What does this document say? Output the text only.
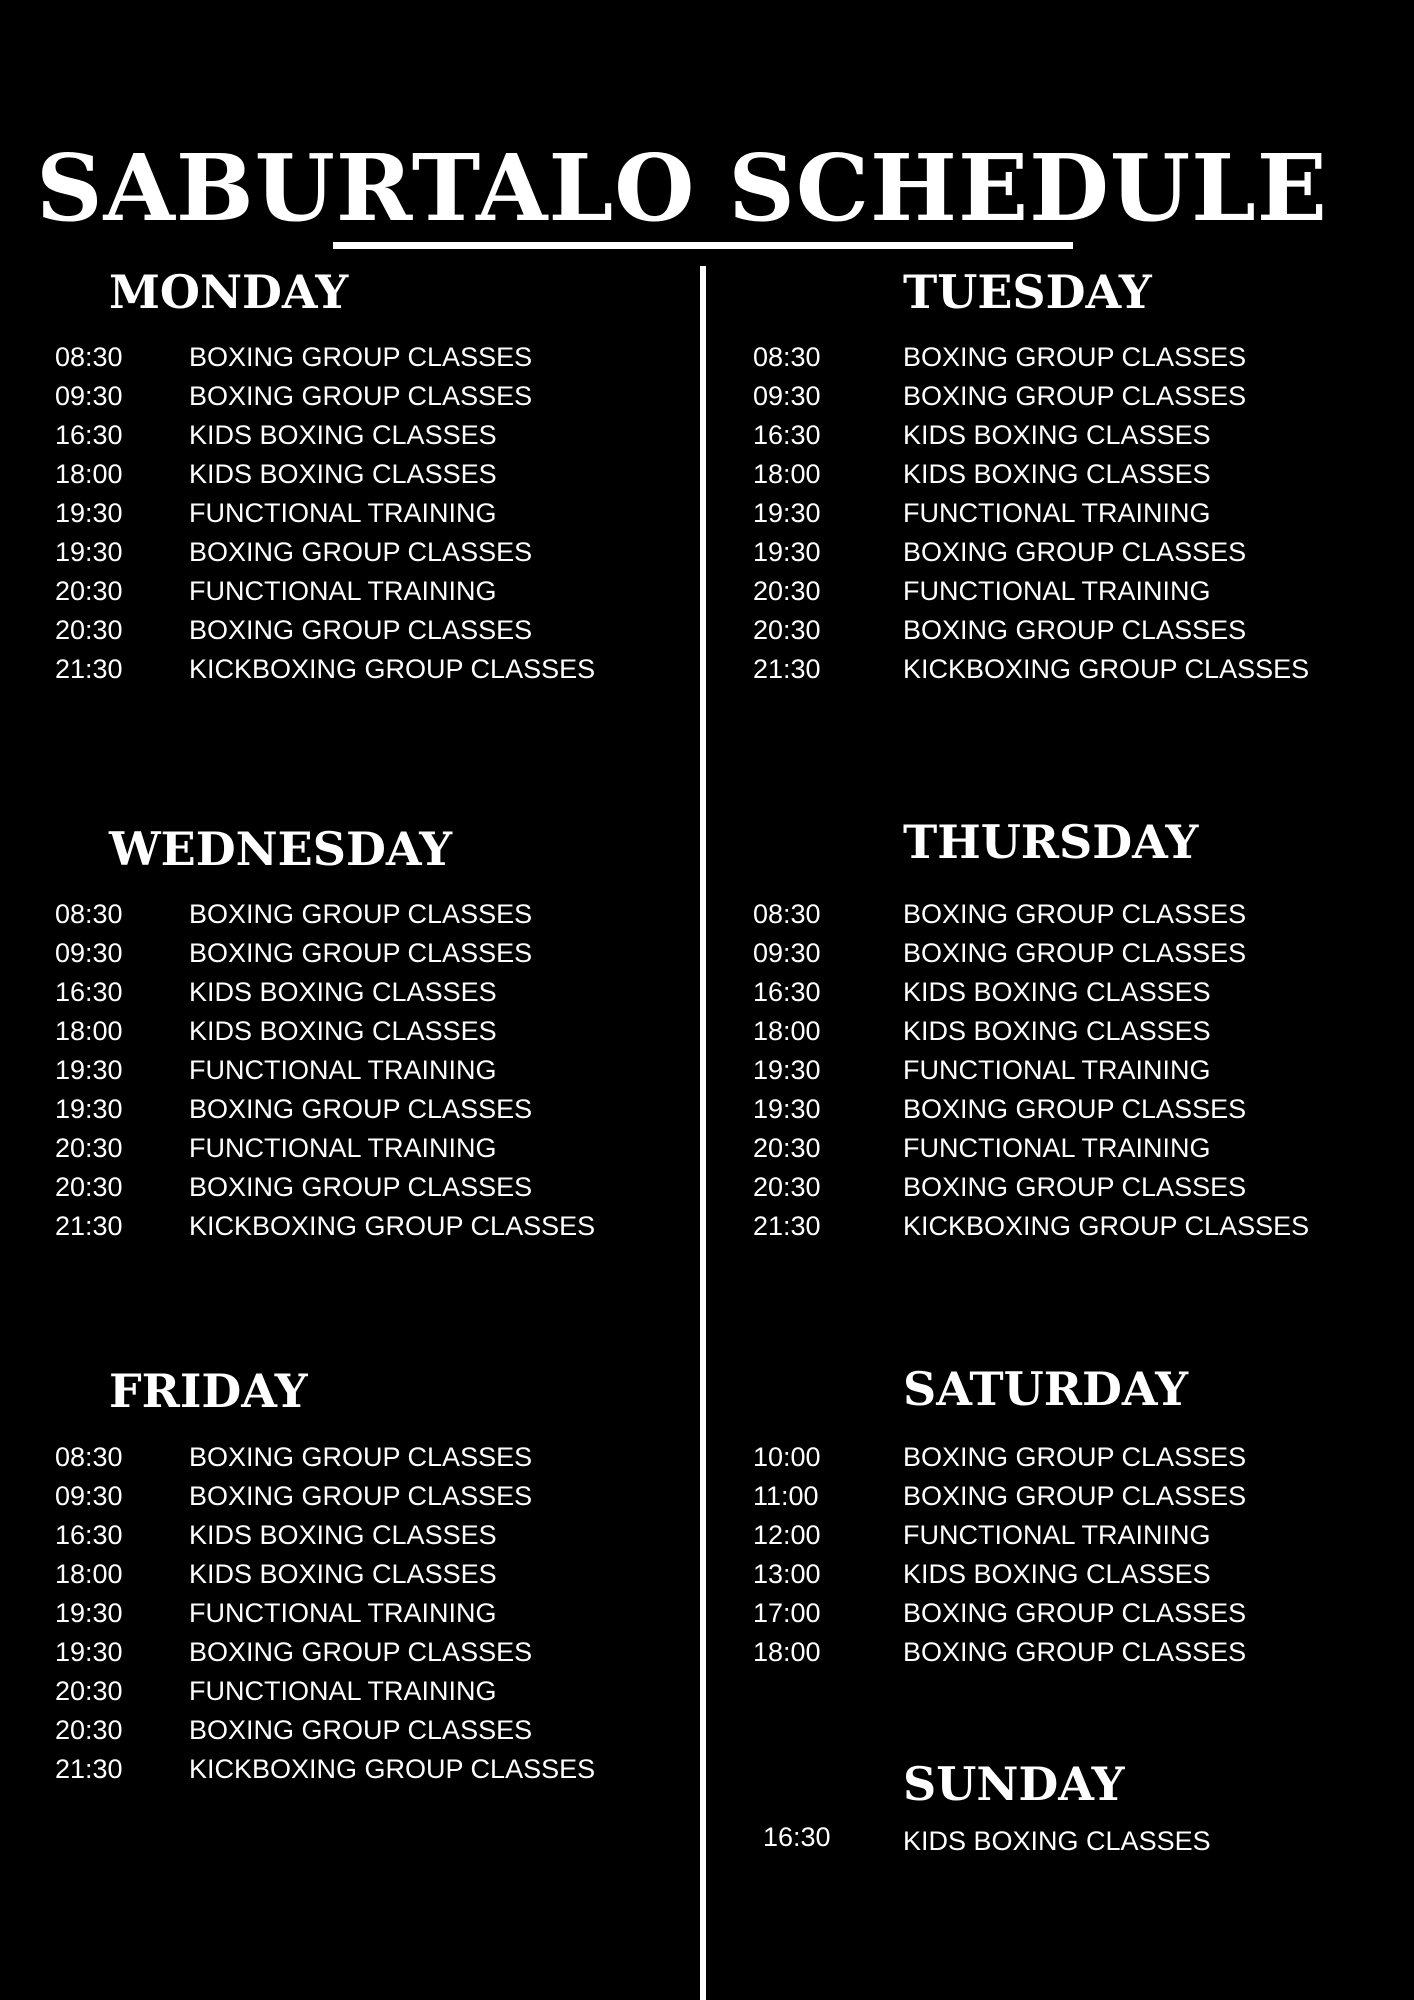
SABURTALO SCHEDULE
MONDAY
08:30 BOXING GROUP CLASSES
09:30 BOXING GROUP CLASSES
16:30 KIDS BOXING CLASSES
18:00 KIDS BOXING CLASSES
19:30 FUNCTIONAL TRAINING
19:30 BOXING GROUP CLASSES
20:30 FUNCTIONAL TRAINING
20:30 BOXING GROUP CLASSES
21:30 KICKBOXING GROUP CLASSES
TUESDAY
08:30	BOXING GROUP CLASSES
09:30	BOXING GROUP CLASSES
16:30	KIDS BOXING CLASSES
18:00	KIDS BOXING CLASSES
19:30	FUNCTIONAL TRAINING
19:30	BOXING GROUP CLASSES
20:30	FUNCTIONAL TRAINING
20:30	BOXING GROUP CLASSES
21:30	KICKBOXING GROUP CLASSES
WEDNESDAY
08:30 BOXING GROUP CLASSES
09:30 BOXING GROUP CLASSES
16:30 KIDS BOXING CLASSES
18:00 KIDS BOXING CLASSES
19:30 FUNCTIONAL TRAINING
19:30 BOXING GROUP CLASSES
20:30 FUNCTIONAL TRAINING
20:30 BOXING GROUP CLASSES
21:30 KICKBOXING GROUP CLASSES
THURSDAY
08:30	BOXING GROUP CLASSES
09:30	BOXING GROUP CLASSES
16:30	KIDS BOXING CLASSES
18:00	KIDS BOXING CLASSES
19:30	FUNCTIONAL TRAINING
19:30	BOXING GROUP CLASSES
20:30	FUNCTIONAL TRAINING
20:30	BOXING GROUP CLASSES
21:30	KICKBOXING GROUP CLASSES
FRIDAY
08:30 BOXING GROUP CLASSES
09:30 BOXING GROUP CLASSES
16:30 KIDS BOXING CLASSES
18:00 KIDS BOXING CLASSES
19:30 FUNCTIONAL TRAINING
19:30 BOXING GROUP CLASSES
20:30 FUNCTIONAL TRAINING
20:30 BOXING GROUP CLASSES
21:30 KICKBOXING GROUP CLASSES
SATURDAY
10:00	BOXING GROUP CLASSES
11:00	BOXING GROUP CLASSES
12:00	FUNCTIONAL TRAINING
13:00	KIDS BOXING CLASSES
17:00	BOXING GROUP CLASSES
18:00	BOXING GROUP CLASSES
SUNDAY
16:30	KIDS BOXING CLASSES
